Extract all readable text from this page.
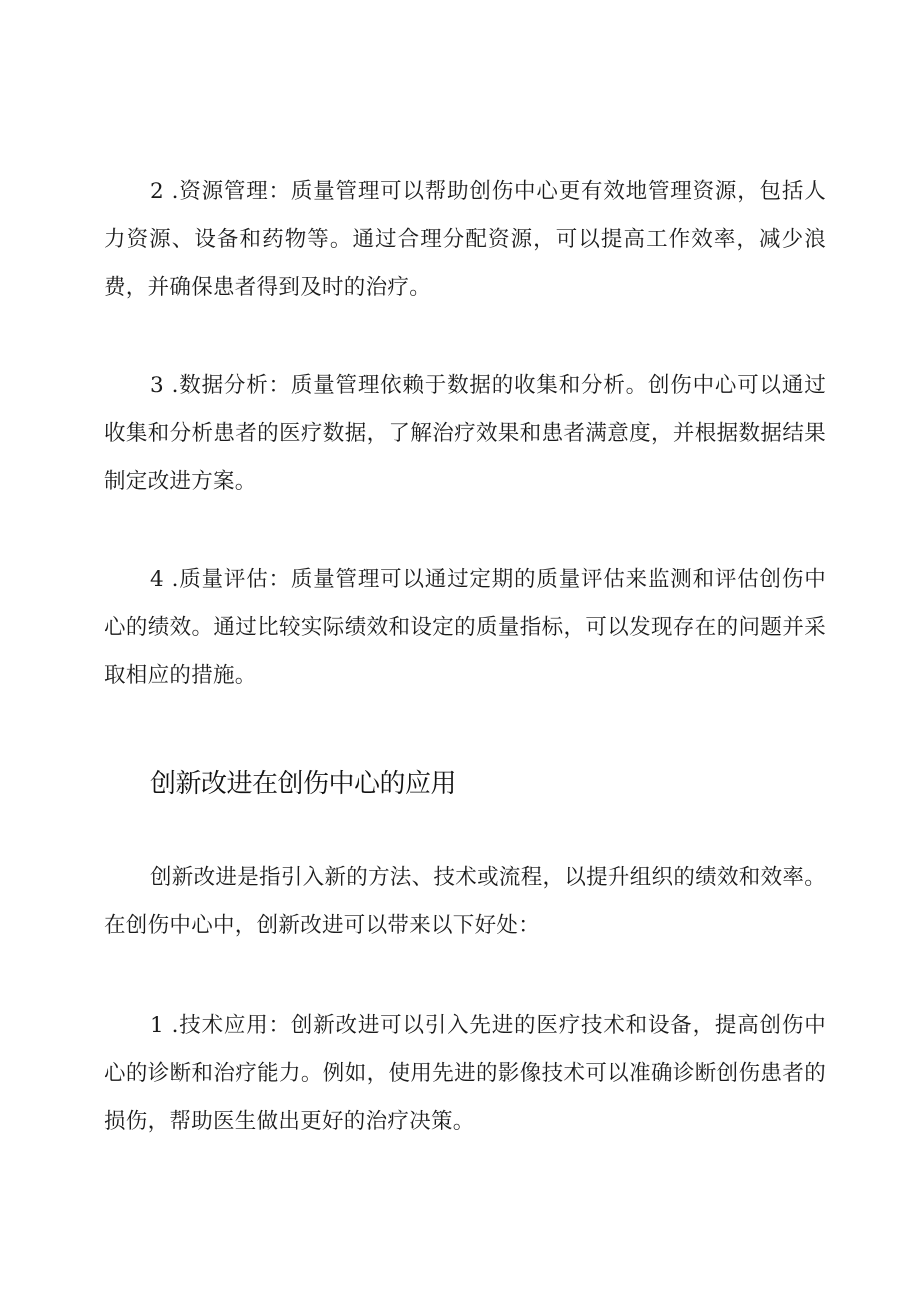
2 .资源管理：质量管理可以帮助创伤中心更有效地管理资源，包括人力资源、设备和药物等。通过合理分配资源，可以提高工作效率，减少浪费，并确保患者得到及时的治疗。

3 .数据分析：质量管理依赖于数据的收集和分析。创伤中心可以通过收集和分析患者的医疗数据，了解治疗效果和患者满意度，并根据数据结果制定改进方案。

4 .质量评估：质量管理可以通过定期的质量评估来监测和评估创伤中心的绩效。通过比较实际绩效和设定的质量指标，可以发现存在的问题并采取相应的措施。

创新改进在创伤中心的应用

创新改进是指引入新的方法、技术或流程，以提升组织的绩效和效率。在创伤中心中，创新改进可以带来以下好处：

1 .技术应用：创新改进可以引入先进的医疗技术和设备，提高创伤中心的诊断和治疗能力。例如，使用先进的影像技术可以准确诊断创伤患者的损伤，帮助医生做出更好的治疗决策。
